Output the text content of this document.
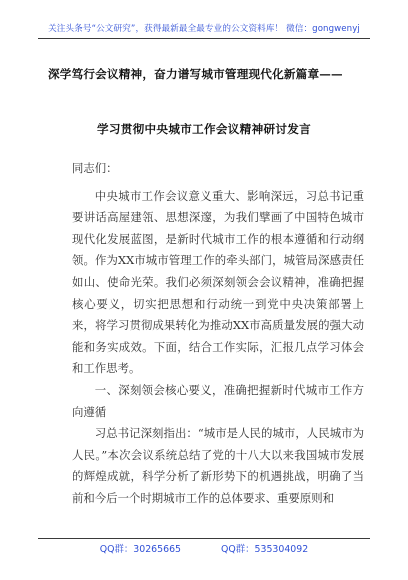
关注头条号“公文研究”，获得最新最全最专业的公文资料库！ 微信：gongwenyj
深学笃行会议精神，奋力谱写城市管理现代化新篇章——
学习贯彻中央城市工作会议精神研讨发言

同志们：

中央城市工作会议意义重大、影响深远，习总书记重要讲话高屋建瓴、思想深邃，为我们擘画了中国特色城市现代化发展蓝图，是新时代城市工作的根本遵循和行动纲领。作为XX市城市管理工作的牵头部门，城管局深感责任如山、使命光荣。我们必须深刻领会会议精神，准确把握核心要义，切实把思想和行动统一到党中央决策部署上来，将学习贯彻成果转化为推动XX市高质量发展的强大动能和务实成效。下面，结合工作实际，汇报几点学习体会和工作思考。

一、深刻领会核心要义，准确把握新时代城市工作方向遵循

习总书记深刻指出：“城市是人民的城市，人民城市为人民。”本次会议系统总结了党的十八大以来我国城市发展的辉煌成就，科学分析了新形势下的机遇挑战，明确了当前和今后一个时期城市工作的总体要求、重要原则和

QQ群：30265665	QQ群：535304092
